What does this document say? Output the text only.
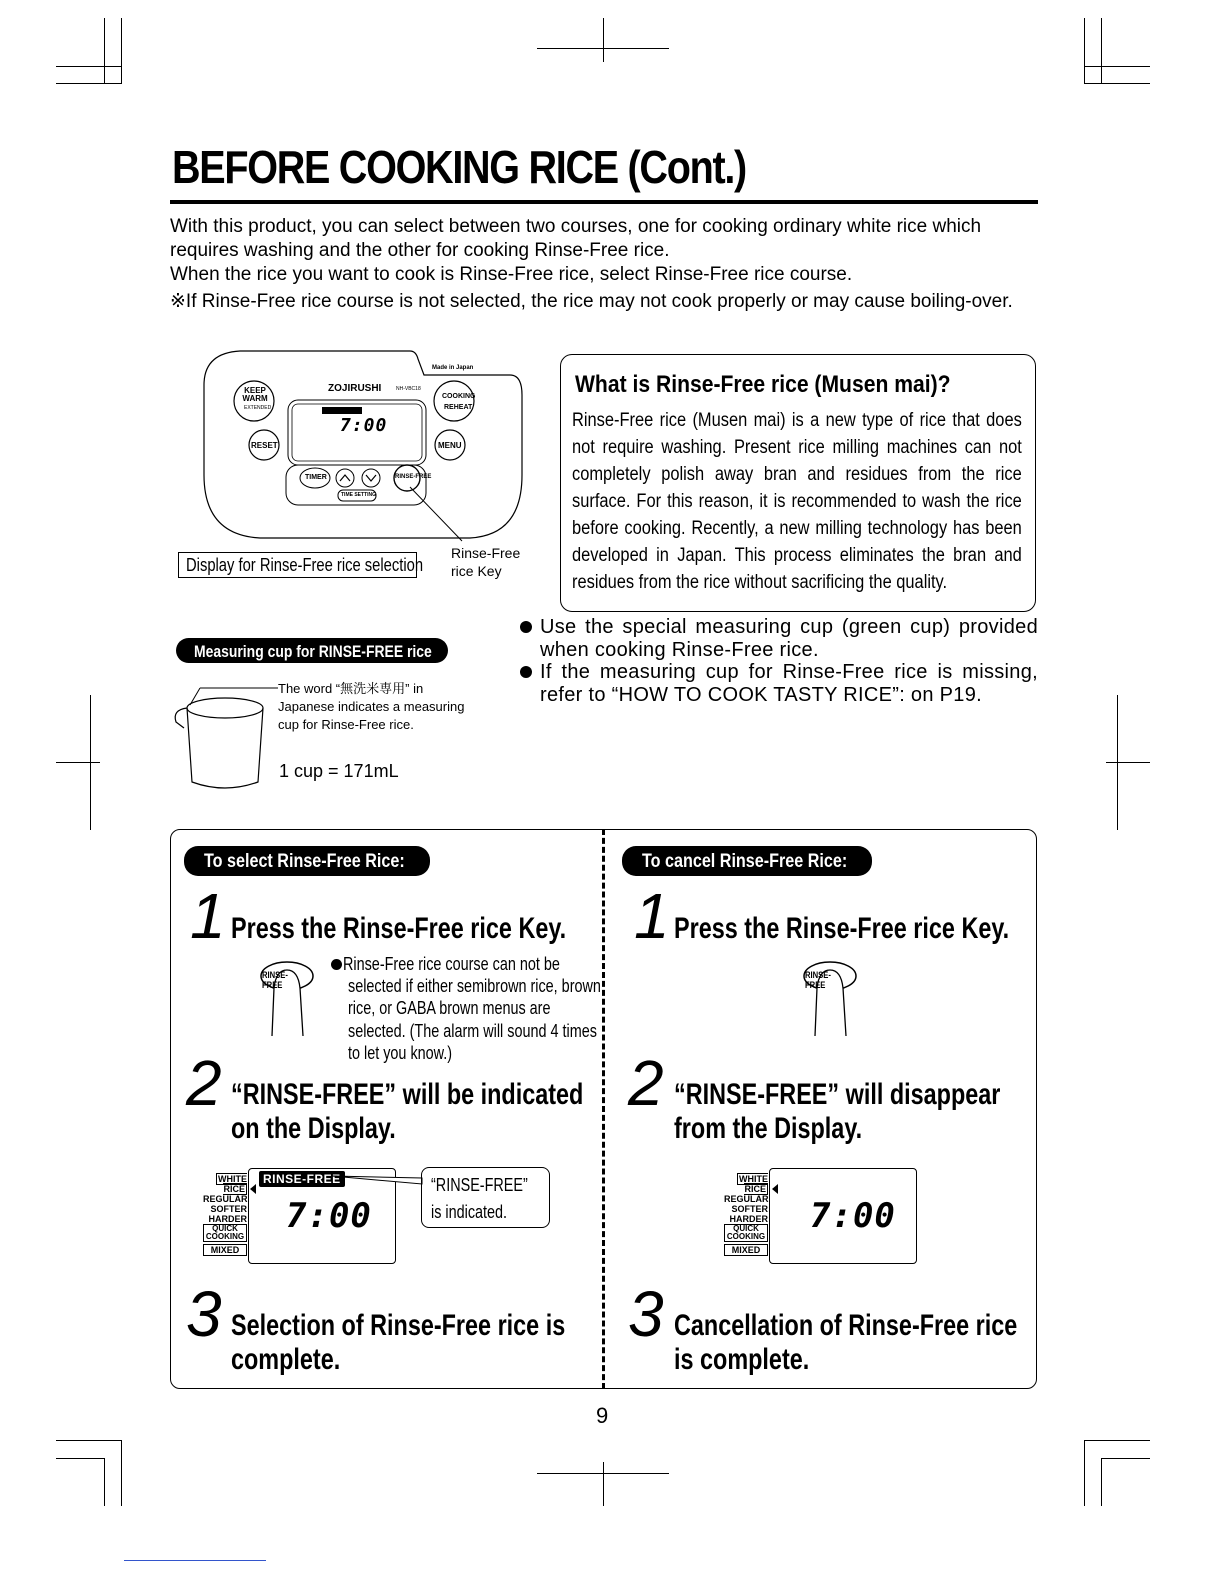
BEFORE COOKING RICE (Cont.)

With this product, you can select between two courses, one for cooking ordinary white rice which requires washing and the other for cooking Rinse-Free rice.

When the rice you want to cook is Rinse-Free rice, select Rinse-Free rice course.

※If Rinse-Free rice course is not selected, the rice may not cook properly or may cause boiling-over.

ZOJIRUSHI	NH-VBC18
Made in Japan
KEEP WARM
EXTENDED
COOKING
REHEAT
RESET	MENU
TIMER	RINSE-FREE
TIME SETTING
7:00
Display for Rinse-Free rice selection
Rinse-Free
rice Key
What is Rinse-Free rice (Musen mai)?
Rinse-Free rice (Musen mai) is a new type of rice that does not require washing. Present rice milling machines can not completely polish away bran and residues from the rice surface. For this reason, it is recommended to wash the rice before cooking. Recently, a new milling technology has been developed in Japan. This process eliminates the bran and residues from the rice without sacrificing the quality.
Measuring cup for RINSE-FREE rice
The word “無洗米専用” in
Japanese indicates a measuring
cup for Rinse-Free rice.
1 cup = 171mL
Use the special measuring cup (green cup) provided when cooking Rinse-Free rice.
If the measuring cup for Rinse-Free rice is missing, refer to “HOW TO COOK TASTY RICE”: on P19.
To select Rinse-Free Rice:
1 Press the Rinse-Free rice Key.
RINSE-FREE
Rinse-Free rice course can not be
selected if either semibrown rice, brown
rice, or GABA brown menus are
selected. (The alarm will sound 4 times
to let you know.)
2 “RINSE-FREE” will be indicated
on the Display.
WHITE RICE
REGULAR
SOFTER
HARDER
QUICK
COOKING
MIXED
RINSE-FREE
7:00
“RINSE-FREE”
is indicated.
3 Selection of Rinse-Free rice is
complete.
To cancel Rinse-Free Rice:
1 Press the Rinse-Free rice Key.
RINSE-FREE
2 “RINSE-FREE” will disappear
from the Display.
WHITE RICE
REGULAR
SOFTER
HARDER
QUICK
COOKING
MIXED
7:00
3 Cancellation of Rinse-Free rice
is complete.
9
